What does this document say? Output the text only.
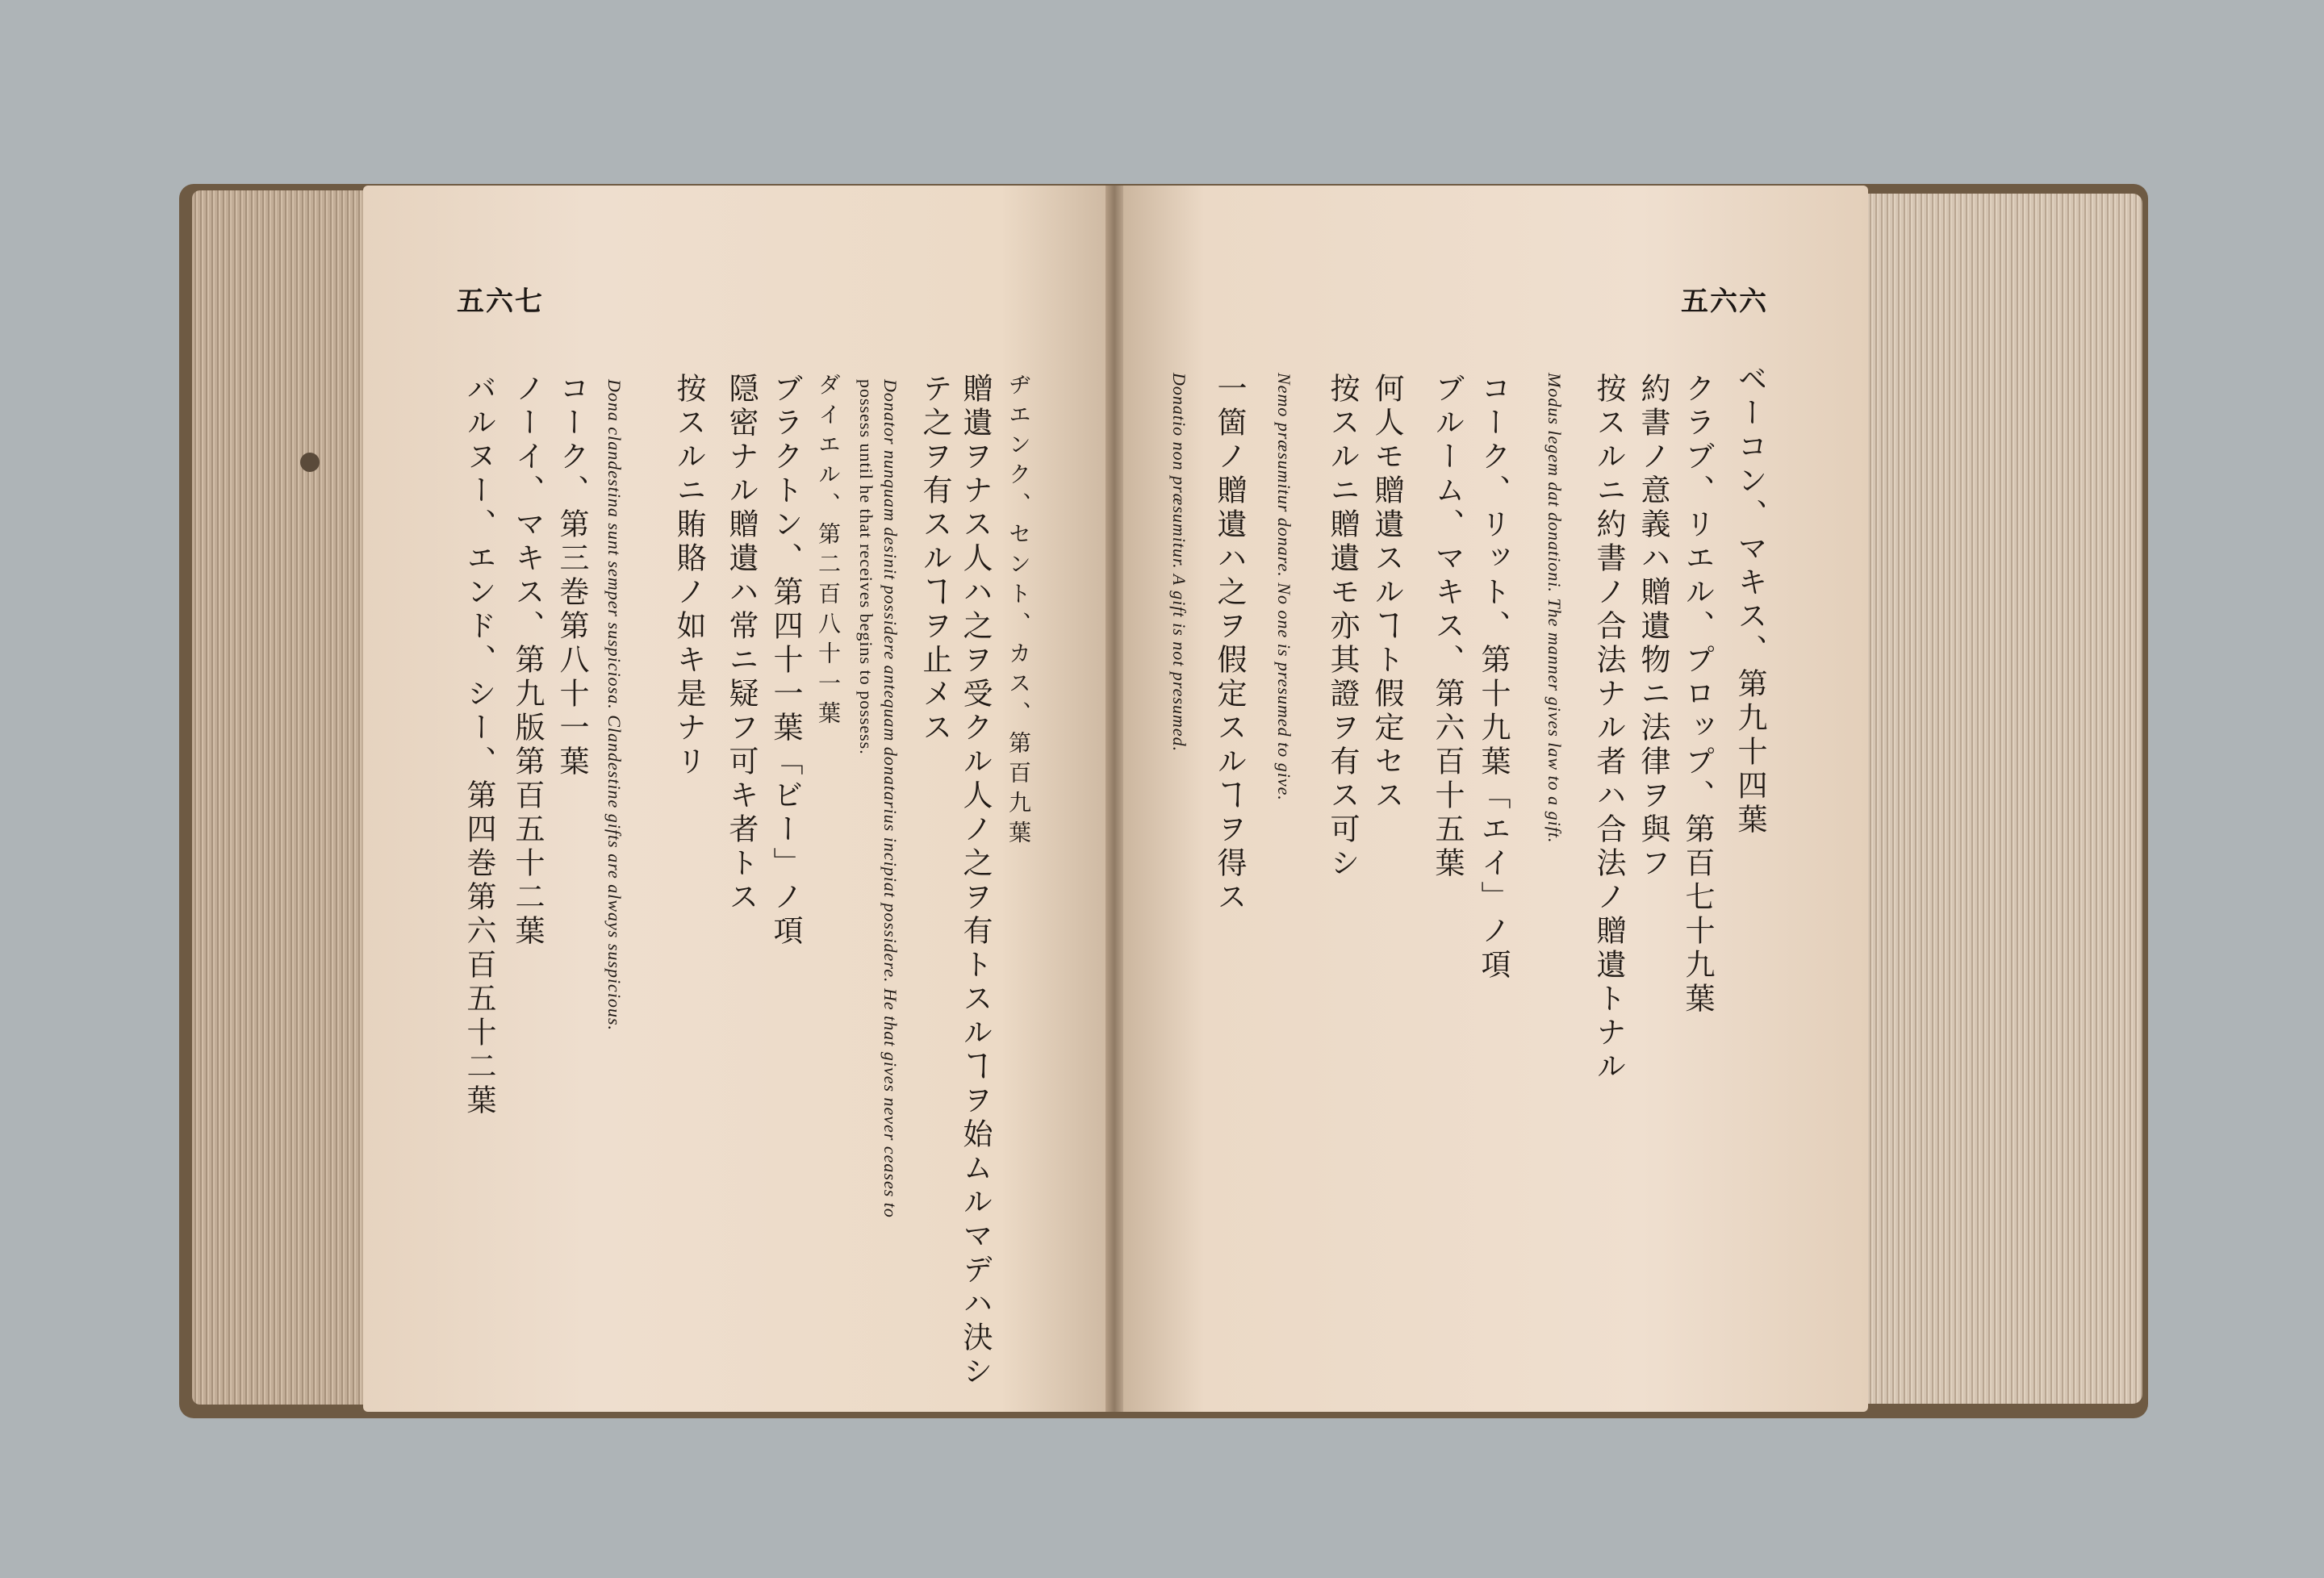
五六七	五六六
ヂエンク、セント、カス、第百九葉
贈遺ヲナス人ハ之ヲ受クル人ノ之ヲ有トスルヿヲ始ムルマデハ決シ
テ之ヲ有スルヿヲ止メス
Donator nunquam desinit possidere antequam donatarius incipiat possidere. He that gives never ceases to
possess until he that receives begins to possess.
ダイエル、第二百八十一葉
ブラクトン、第四十一葉「ビー」ノ項
隠密ナル贈遺ハ常ニ疑フ可キ者トス
按スルニ賄賂ノ如キ是ナリ
Dona clandestina sunt semper suspiciosa. Clandestine gifts are always suspicious.
コーク、第三巻第八十一葉
ノーイ、マキス、第九版第百五十二葉
バルヌー、エンド、シー、第四巻第六百五十二葉	ベーコン、マキス、第九十四葉
クラブ、リエル、プロップ、第百七十九葉
約書ノ意義ハ贈遺物ニ法律ヲ與フ
按スルニ約書ノ合法ナル者ハ合法ノ贈遺トナル
Modus legem dat donationi. The manner gives law to a gift.
コーク、リット、第十九葉「エイ」ノ項
ブルーム、マキス、第六百十五葉
何人モ贈遺スルヿト假定セス
按スルニ贈遺モ亦其證ヲ有ス可シ
Nemo præsumitur donare. No one is presumed to give.
一箇ノ贈遺ハ之ヲ假定スルヿヲ得ス
Donatio non præsumitur. A gift is not presumed.
